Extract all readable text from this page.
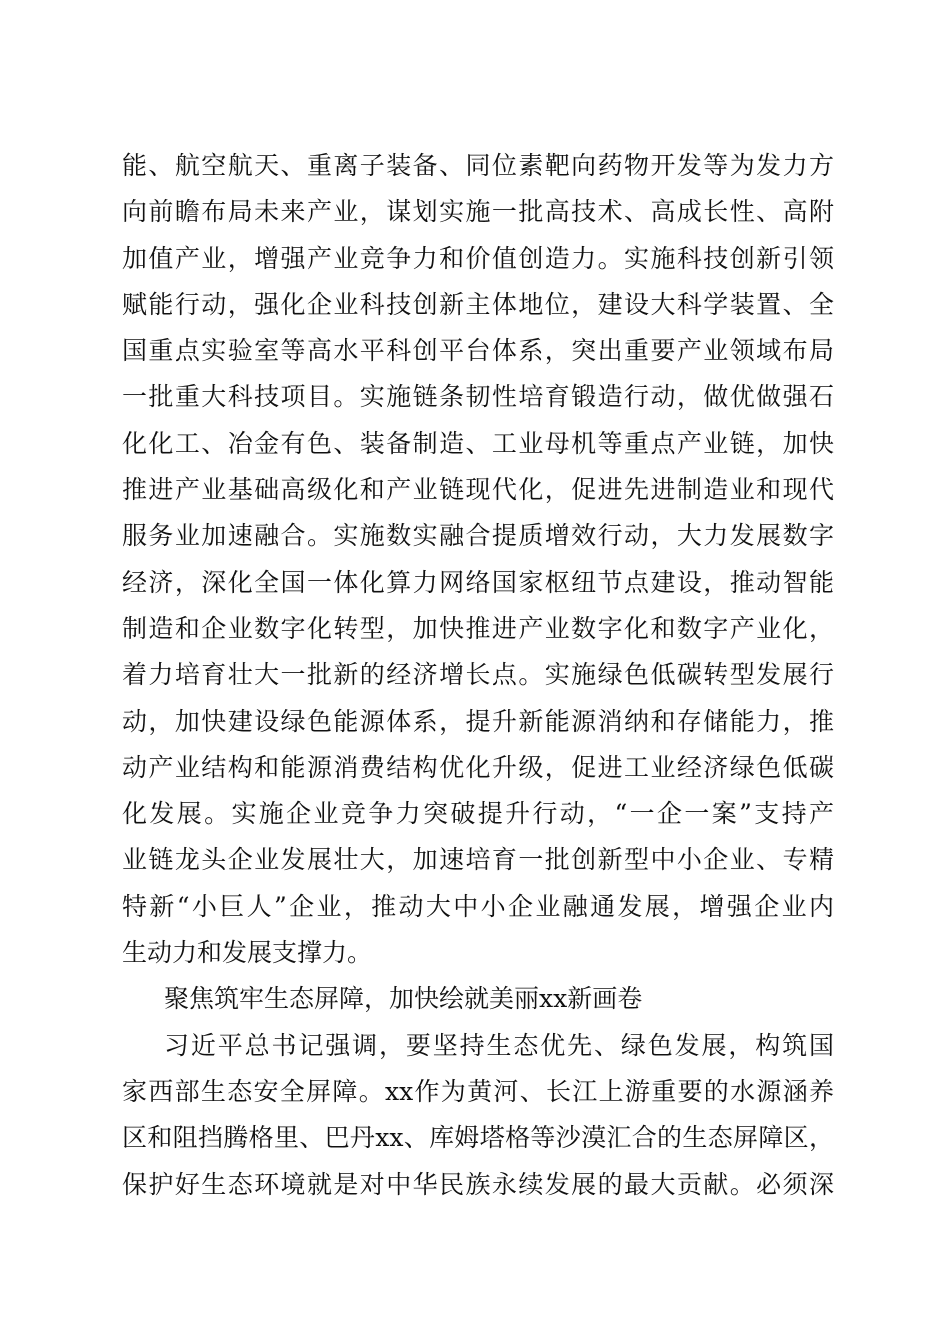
能、航空航天、重离子装备、同位素靶向药物开发等为发力方
向前瞻布局未来产业，谋划实施一批高技术、高成长性、高附
加值产业，增强产业竞争力和价值创造力。实施科技创新引领
赋能行动，强化企业科技创新主体地位，建设大科学装置、全
国重点实验室等高水平科创平台体系，突出重要产业领域布局
一批重大科技项目。实施链条韧性培育锻造行动，做优做强石
化化工、冶金有色、装备制造、工业母机等重点产业链，加快
推进产业基础高级化和产业链现代化，促进先进制造业和现代
服务业加速融合。实施数实融合提质增效行动，大力发展数字
经济，深化全国一体化算力网络国家枢纽节点建设，推动智能
制造和企业数字化转型，加快推进产业数字化和数字产业化，
着力培育壮大一批新的经济增长点。实施绿色低碳转型发展行
动，加快建设绿色能源体系，提升新能源消纳和存储能力，推
动产业结构和能源消费结构优化升级，促进工业经济绿色低碳
化发展。实施企业竞争力突破提升行动，“一企一案”支持产
业链龙头企业发展壮大，加速培育一批创新型中小企业、专精
特新“小巨人”企业，推动大中小企业融通发展，增强企业内
生动力和发展支撑力。
聚焦筑牢生态屏障，加快绘就美丽xx新画卷
习近平总书记强调，要坚持生态优先、绿色发展，构筑国
家西部生态安全屏障。xx作为黄河、长江上游重要的水源涵养
区和阻挡腾格里、巴丹xx、库姆塔格等沙漠汇合的生态屏障区，
保护好生态环境就是对中华民族永续发展的最大贡献。必须深
